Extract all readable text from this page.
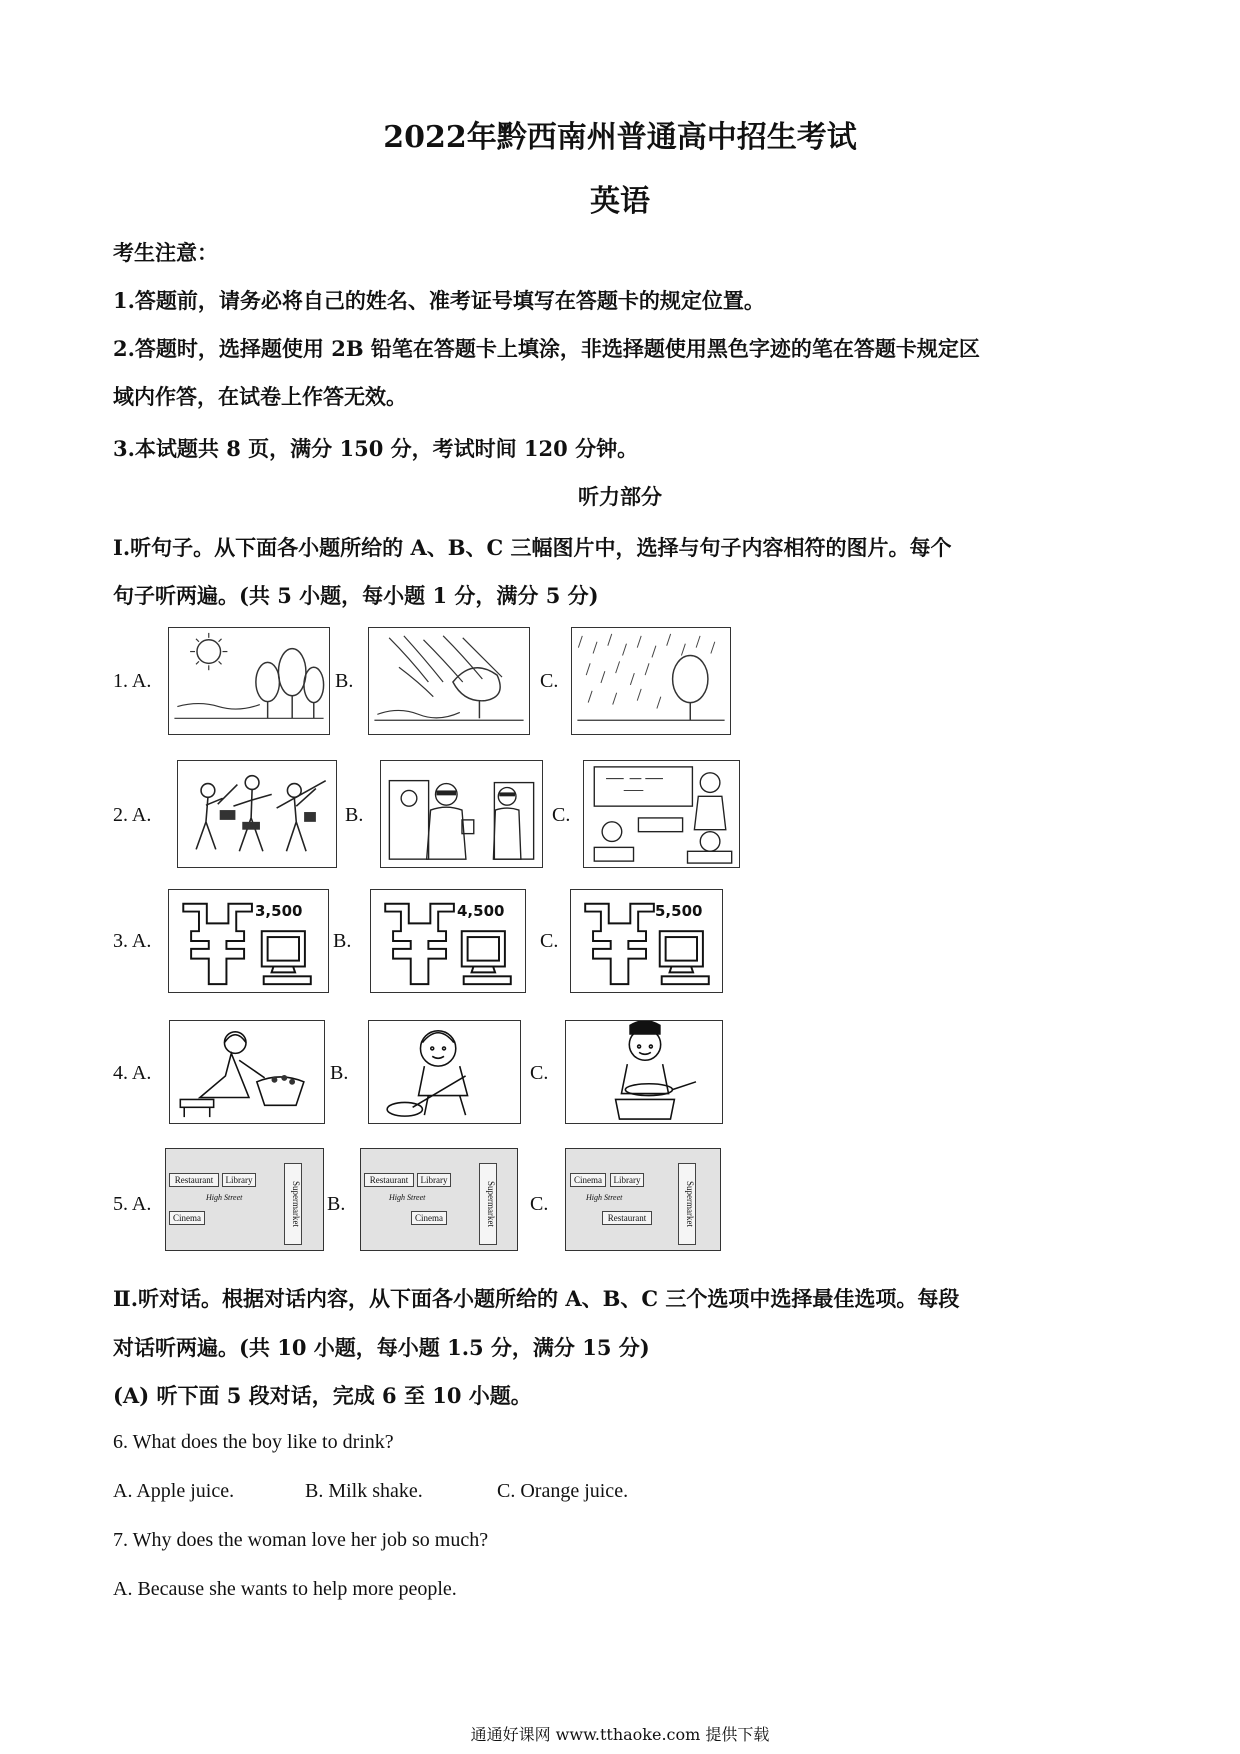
2022年黔西南州普通高中招生考试
英语
考生注意：
1.答题前，请务必将自己的姓名、准考证号填写在答题卡的规定位置。
2.答题时，选择题使用 2B 铅笔在答题卡上填涂，非选择题使用黑色字迹的笔在答题卡规定区
域内作答，在试卷上作答无效。
3.本试题共 8 页，满分 150 分，考试时间 120 分钟。
听力部分
Ⅰ.听句子。从下面各小题所给的 A、B、C 三幅图片中，选择与句子内容相符的图片。每个
句子听两遍。(共 5 小题，每小题 1 分，满分 5 分)
1. A.	B.	C.
2. A.	B.	C.
3. A.
3,500
B.
4,500
C.
5,500
4. A.	B.	C.
5. A.
Restaurant	Library
High Street
Cinema	Supermarket B.
Restaurant	Library
High Street
Cinema	Supermarket C.
Cinema	Library
High Street
Restaurant	Supermarket
Ⅱ.听对话。根据对话内容，从下面各小题所给的 A、B、C 三个选项中选择最佳选项。每段
对话听两遍。(共 10 小题，每小题 1.5 分，满分 15 分)
(A) 听下面 5 段对话，完成 6 至 10 小题。
6. What does the boy like to drink?
A. Apple juice.	B. Milk shake.	C. Orange juice.
7. Why does the woman love her job so much?
A. Because she wants to help more people.
通通好课网 www.tthaoke.com 提供下载
